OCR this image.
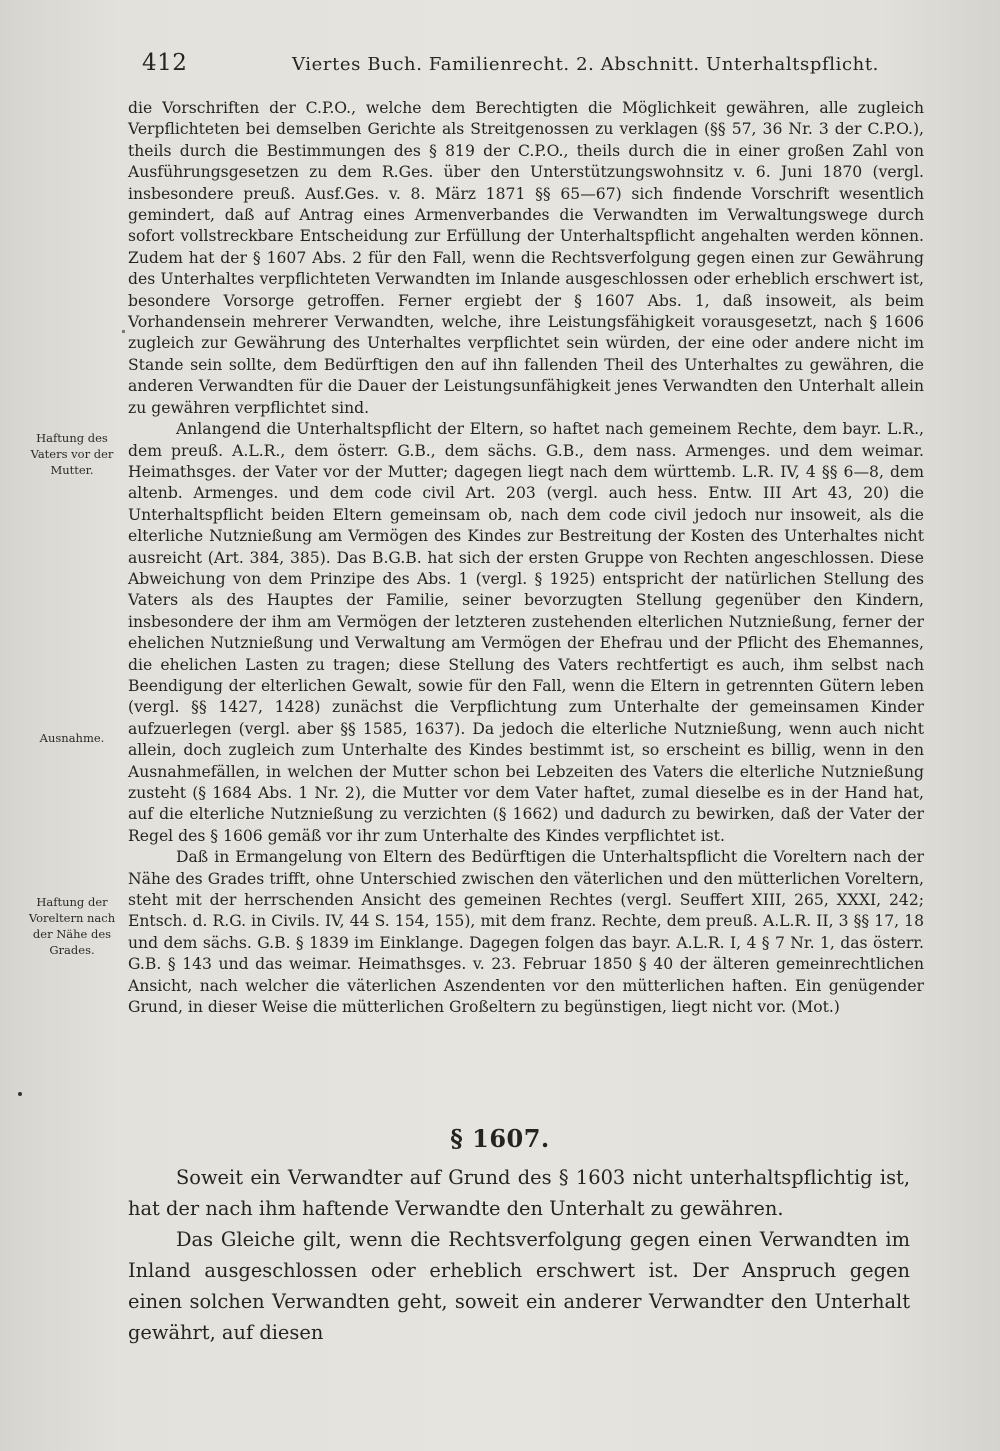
412	Viertes Buch. Familienrecht. 2. Abschnitt. Unterhaltspflicht.

die Vorschriften der C.P.O., welche dem Berechtigten die Möglichkeit gewähren, alle zugleich Verpflichteten bei demselben Gerichte als Streitgenossen zu verklagen (§§ 57, 36 Nr. 3 der C.P.O.), theils durch die Bestimmungen des § 819 der C.P.O., theils durch die in einer großen Zahl von Ausführungsgesetzen zu dem R.Ges. über den Unterstützungswohnsitz v. 6. Juni 1870 (vergl. insbesondere preuß. Ausf.Ges. v. 8. März 1871 §§ 65—67) sich findende Vorschrift wesentlich gemindert, daß auf Antrag eines Armenverbandes die Verwandten im Verwaltungswege durch sofort vollstreckbare Entscheidung zur Erfüllung der Unterhaltspflicht angehalten werden können. Zudem hat der § 1607 Abs. 2 für den Fall, wenn die Rechtsverfolgung gegen einen zur Gewährung des Unterhaltes verpflichteten Verwandten im Inlande ausgeschlossen oder erheblich erschwert ist, besondere Vorsorge getroffen. Ferner ergiebt der § 1607 Abs. 1, daß insoweit, als beim Vorhandensein mehrerer Verwandten, welche, ihre Leistungsfähigkeit vorausgesetzt, nach § 1606 zugleich zur Gewährung des Unterhaltes verpflichtet sein würden, der eine oder andere nicht im Stande sein sollte, dem Bedürftigen den auf ihn fallenden Theil des Unterhaltes zu gewähren, die anderen Verwandten für die Dauer der Leistungsunfähigkeit jenes Verwandten den Unterhalt allein zu gewähren verpflichtet sind.

Anlangend die Unterhaltspflicht der Eltern, so haftet nach gemeinem Rechte, dem bayr. L.R., dem preuß. A.L.R., dem österr. G.B., dem sächs. G.B., dem nass. Armenges. und dem weimar. Heimathsges. der Vater vor der Mutter; dagegen liegt nach dem württemb. L.R. IV, 4 §§ 6—8, dem altenb. Armenges. und dem code civil Art. 203 (vergl. auch hess. Entw. III Art 43, 20) die Unterhaltspflicht beiden Eltern gemeinsam ob, nach dem code civil jedoch nur insoweit, als die elterliche Nutznießung am Vermögen des Kindes zur Bestreitung der Kosten des Unterhaltes nicht ausreicht (Art. 384, 385). Das B.G.B. hat sich der ersten Gruppe von Rechten angeschlossen. Diese Abweichung von dem Prinzipe des Abs. 1 (vergl. § 1925) entspricht der natürlichen Stellung des Vaters als des Hauptes der Familie, seiner bevorzugten Stellung gegenüber den Kindern, insbesondere der ihm am Vermögen der letzteren zustehenden elterlichen Nutznießung, ferner der ehelichen Nutznießung und Verwaltung am Vermögen der Ehefrau und der Pflicht des Ehemannes, die ehelichen Lasten zu tragen; diese Stellung des Vaters rechtfertigt es auch, ihm selbst nach Beendigung der elterlichen Gewalt, sowie für den Fall, wenn die Eltern in getrennten Gütern leben (vergl. §§ 1427, 1428) zunächst die Verpflichtung zum Unterhalte der gemeinsamen Kinder aufzuerlegen (vergl. aber §§ 1585, 1637). Da jedoch die elterliche Nutznießung, wenn auch nicht allein, doch zugleich zum Unterhalte des Kindes bestimmt ist, so erscheint es billig, wenn in den Ausnahmefällen, in welchen der Mutter schon bei Lebzeiten des Vaters die elterliche Nutznießung zusteht (§ 1684 Abs. 1 Nr. 2), die Mutter vor dem Vater haftet, zumal dieselbe es in der Hand hat, auf die elterliche Nutznießung zu verzichten (§ 1662) und dadurch zu bewirken, daß der Vater der Regel des § 1606 gemäß vor ihr zum Unterhalte des Kindes verpflichtet ist.

Daß in Ermangelung von Eltern des Bedürftigen die Unterhaltspflicht die Voreltern nach der Nähe des Grades trifft, ohne Unterschied zwischen den väterlichen und den mütterlichen Voreltern, steht mit der herrschenden Ansicht des gemeinen Rechtes (vergl. Seuffert XIII, 265, XXXI, 242; Entsch. d. R.G. in Civils. IV, 44 S. 154, 155), mit dem franz. Rechte, dem preuß. A.L.R. II, 3 §§ 17, 18 und dem sächs. G.B. § 1839 im Einklange. Dagegen folgen das bayr. A.L.R. I, 4 § 7 Nr. 1, das österr. G.B. § 143 und das weimar. Heimathsges. v. 23. Februar 1850 § 40 der älteren gemeinrechtlichen Ansicht, nach welcher die väterlichen Aszendenten vor den mütterlichen haften. Ein genügender Grund, in dieser Weise die mütterlichen Großeltern zu begünstigen, liegt nicht vor. (Mot.)

Haftung des Vaters vor der Mutter.
Ausnahme.
Haftung der Voreltern nach der Nähe des Grades.
§ 1607.

Soweit ein Verwandter auf Grund des § 1603 nicht unterhaltspflichtig ist, hat der nach ihm haftende Verwandte den Unterhalt zu gewähren.

Das Gleiche gilt, wenn die Rechtsverfolgung gegen einen Verwandten im Inland ausgeschlossen oder erheblich erschwert ist. Der Anspruch gegen einen solchen Verwandten geht, soweit ein anderer Verwandter den Unterhalt gewährt, auf diesen
